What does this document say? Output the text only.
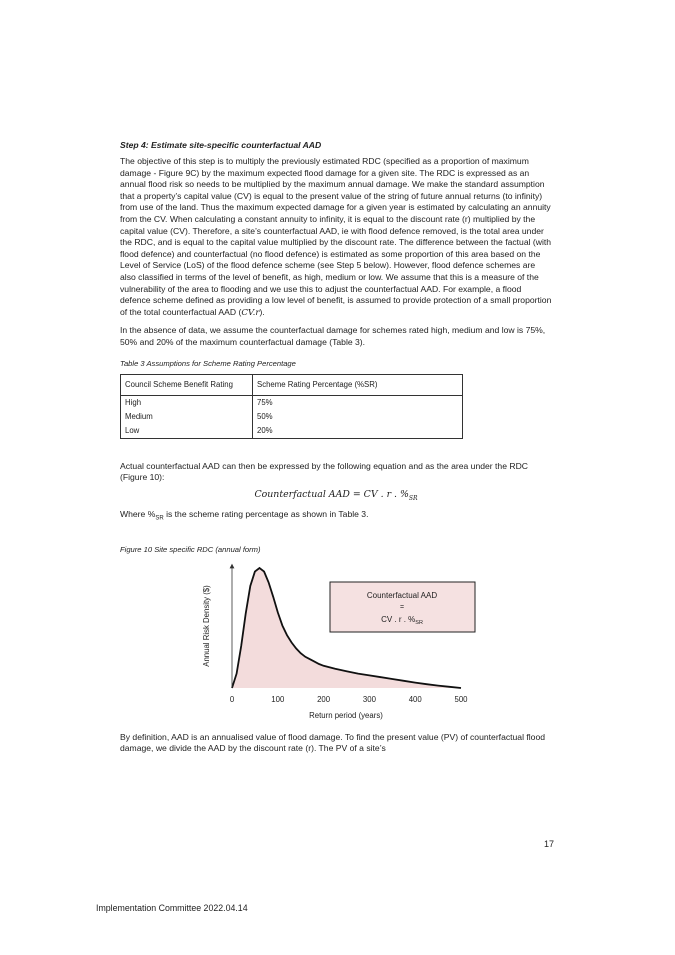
Step 4: Estimate site-specific counterfactual AAD

The objective of this step is to multiply the previously estimated RDC (specified as a proportion of maximum damage - Figure 9C) by the maximum expected flood damage for a given site. The RDC is expressed as an annual flood risk so needs to be multiplied by the maximum annual damage. We make the standard assumption that a property’s capital value (CV) is equal to the present value of the string of future annual returns (to infinity) from use of the land. Thus the maximum expected damage for a given year is estimated by calculating an annuity from the CV. When calculating a constant annuity to infinity, it is equal to the discount rate (r) multiplied by the capital value (CV). Therefore, a site’s counterfactual AAD, ie with flood defence removed, is the total area under the RDC, and is equal to the capital value multiplied by the discount rate. The difference between the factual (with flood defence) and counterfactual (no flood defence) is estimated as some proportion of this area based on the Level of Service (LoS) of the flood defence scheme (see Step 5 below). However, flood defence schemes are also classified in terms of the level of benefit, as high, medium or low. We assume that this is a measure of the vulnerability of the area to flooding and we use this to adjust the counterfactual AAD. For example, a flood defence scheme defined as providing a low level of benefit, is assumed to provide protection of a small proportion of the total counterfactual AAD (CV.r).

In the absence of data, we assume the counterfactual damage for schemes rated high, medium and low is 75%, 50% and 20% of the maximum counterfactual damage (Table 3).

Table 3 Assumptions for Scheme Rating Percentage
Council Scheme Benefit Rating	Scheme Rating Percentage (%SR)
High	75%
Medium	50%
Low	20%

Actual counterfactual AAD can then be expressed by the following equation and as the area under the RDC (Figure 10):

Counterfactual AAD = CV . r . $\%_{SR}$

Where $\%_{SR}$ is the scheme rating percentage as shown in Table 3.

Figure 10 Site specific RDC (annual form)
0	100	200	300	400	500
Return period (years)
Annual Risk Density ($)	Counterfactual AAD
=
CV . r . $\%_{SR}$

By definition, AAD is an annualised value of flood damage. To find the present value (PV) of counterfactual flood damage, we divide the AAD by the discount rate (r). The PV of a site’s

17
Implementation Committee 2022.04.14
